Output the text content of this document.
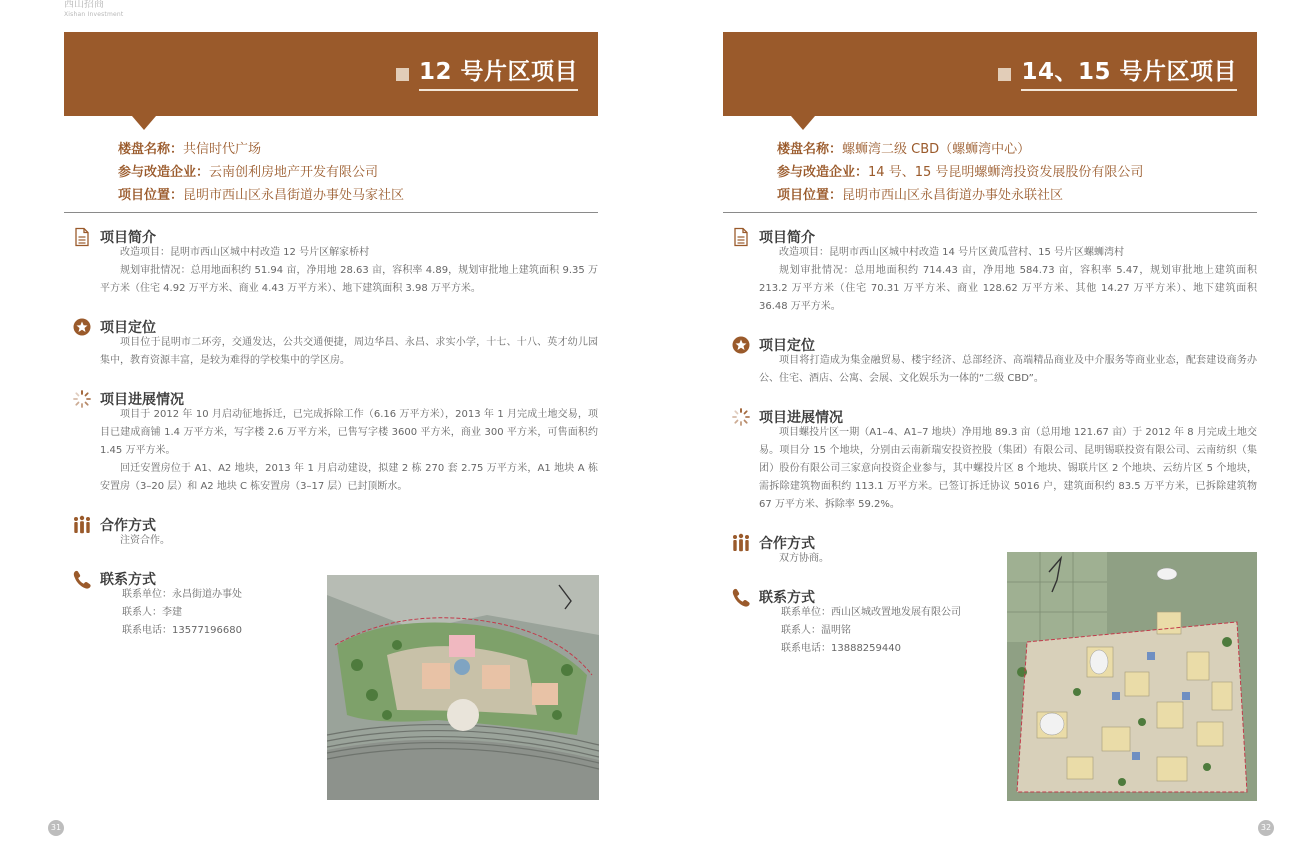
西山招商
Xishan Investment
12 号片区项目
楼盘名称：共信时代广场
参与改造企业：云南创利房地产开发有限公司
项目位置：昆明市西山区永昌街道办事处马家社区
项目简介

改造项目：昆明市西山区城中村改造 12 号片区解家桥村

规划审批情况：总用地面积约 51.94 亩，净用地 28.63 亩，容积率 4.89，规划审批地上建筑面积 9.35 万平方米（住宅 4.92 万平方米、商业 4.43 万平方米）、地下建筑面积 3.98 万平方米。

项目定位

项目位于昆明市二环旁，交通发达，公共交通便捷，周边华昌、永昌、求实小学，十七、十八、英才幼儿园集中，教育资源丰富，是较为难得的学校集中的学区房。

项目进展情况

项目于 2012 年 10 月启动征地拆迁，已完成拆除工作（6.16 万平方米），2013 年 1 月完成土地交易，项目已建成商铺 1.4 万平方米，写字楼 2.6 万平方米，已售写字楼 3600 平方米，商业 300 平方米，可售面积约 1.45 万平方米。

回迁安置房位于 A1、A2 地块，2013 年 1 月启动建设，拟建 2 栋 270 套 2.75 万平方米，A1 地块 A 栋安置房（3–20 层）和 A2 地块 C 栋安置房（3–17 层）已封顶断水。

合作方式

注资合作。

联系方式

联系单位：永昌街道办事处

联系人：李建

联系电话：13577196680

14、15 号片区项目
楼盘名称：螺蛳湾二级 CBD（螺蛳湾中心）
参与改造企业：14 号、15 号昆明螺蛳湾投资发展股份有限公司
项目位置：昆明市西山区永昌街道办事处永联社区
项目简介

改造项目：昆明市西山区城中村改造 14 号片区黄瓜营村、15 号片区螺蛳湾村

规划审批情况：总用地面积约 714.43 亩，净用地 584.73 亩，容积率 5.47，规划审批地上建筑面积 213.2 万平方米（住宅 70.31 万平方米、商业 128.62 万平方米、其他 14.27 万平方米）、地下建筑面积 36.48 万平方米。

项目定位

项目将打造成为集金融贸易、楼宇经济、总部经济、高端精品商业及中介服务等商业业态，配套建设商务办公、住宅、酒店、公寓、会展、文化娱乐为一体的“二级 CBD”。

项目进展情况

项目螺投片区一期（A1–4、A1–7 地块）净用地 89.3 亩（总用地 121.67 亩）于 2012 年 8 月完成土地交易。项目分 15 个地块，分别由云南新瑞安投资控股（集团）有限公司、昆明锡联投资有限公司、云南纺织（集团）股份有限公司三家意向投资企业参与，其中螺投片区 8 个地块、锡联片区 2 个地块、云纺片区 5 个地块，需拆除建筑物面积约 113.1 万平方米。已签订拆迁协议 5016 户，建筑面积约 83.5 万平方米，已拆除建筑物 67 万平方米、拆除率 59.2%。

合作方式

双方协商。

联系方式

联系单位：西山区城改置地发展有限公司

联系人：温明铭

联系电话：13888259440

31	32
